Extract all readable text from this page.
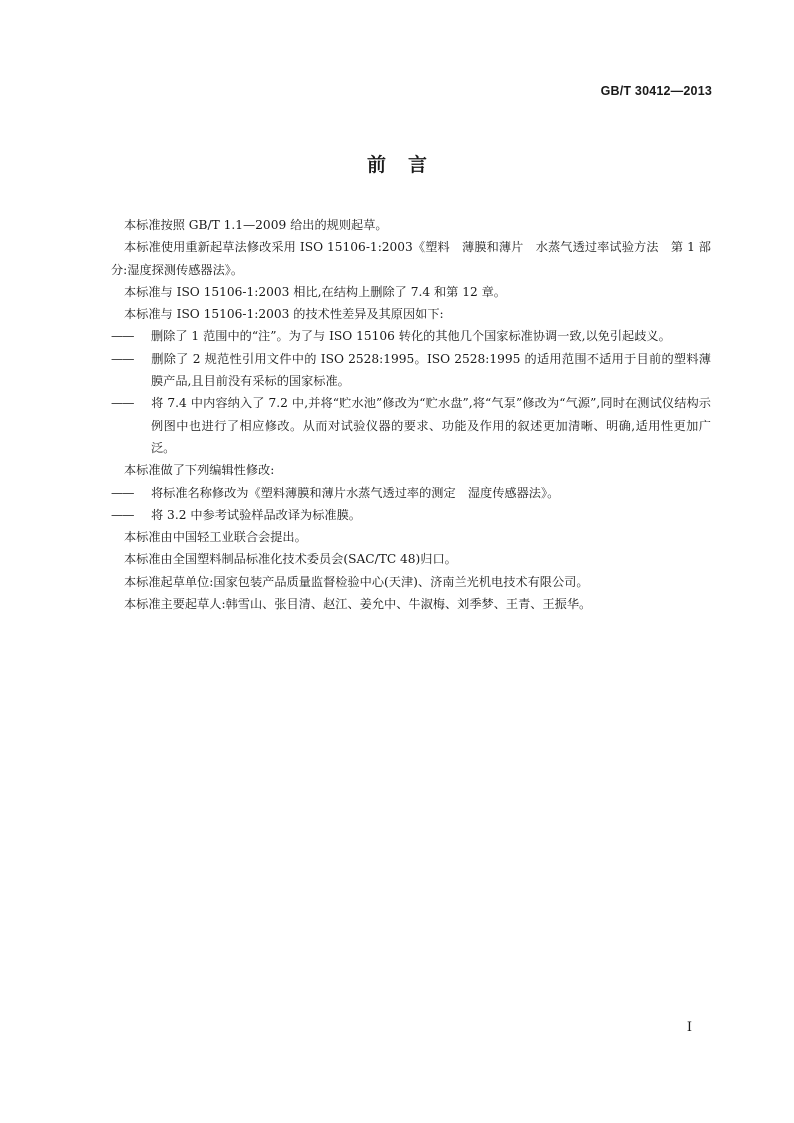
GB/T 30412—2013
前言

本标准按照 GB/T 1.1—2009 给出的规则起草。

本标准使用重新起草法修改采用 ISO 15106-1:2003《塑料　薄膜和薄片　水蒸气透过率试验方法　第 1 部分:湿度探测传感器法》。

本标准与 ISO 15106-1:2003 相比,在结构上删除了 7.4 和第 12 章。

本标准与 ISO 15106-1:2003 的技术性差异及其原因如下:

—— 删除了 1 范围中的“注”。为了与 ISO 15106 转化的其他几个国家标准协调一致,以免引起歧义。

—— 删除了 2 规范性引用文件中的 ISO 2528:1995。ISO 2528:1995 的适用范围不适用于目前的塑料薄膜产品,且目前没有采标的国家标准。

—— 将 7.4 中内容纳入了 7.2 中,并将“贮水池”修改为“贮水盘”,将“气泵”修改为“气源”,同时在测试仪结构示例图中也进行了相应修改。从而对试验仪器的要求、功能及作用的叙述更加清晰、明确,适用性更加广泛。

本标准做了下列编辑性修改:

—— 将标准名称修改为《塑料薄膜和薄片水蒸气透过率的测定　湿度传感器法》。

—— 将 3.2 中参考试验样品改译为标准膜。

本标准由中国轻工业联合会提出。

本标准由全国塑料制品标准化技术委员会(SAC/TC 48)归口。

本标准起草单位:国家包装产品质量监督检验中心(天津)、济南兰光机电技术有限公司。

本标准主要起草人:韩雪山、张目清、赵江、姜允中、牛淑梅、刘季梦、王青、王振华。

I
